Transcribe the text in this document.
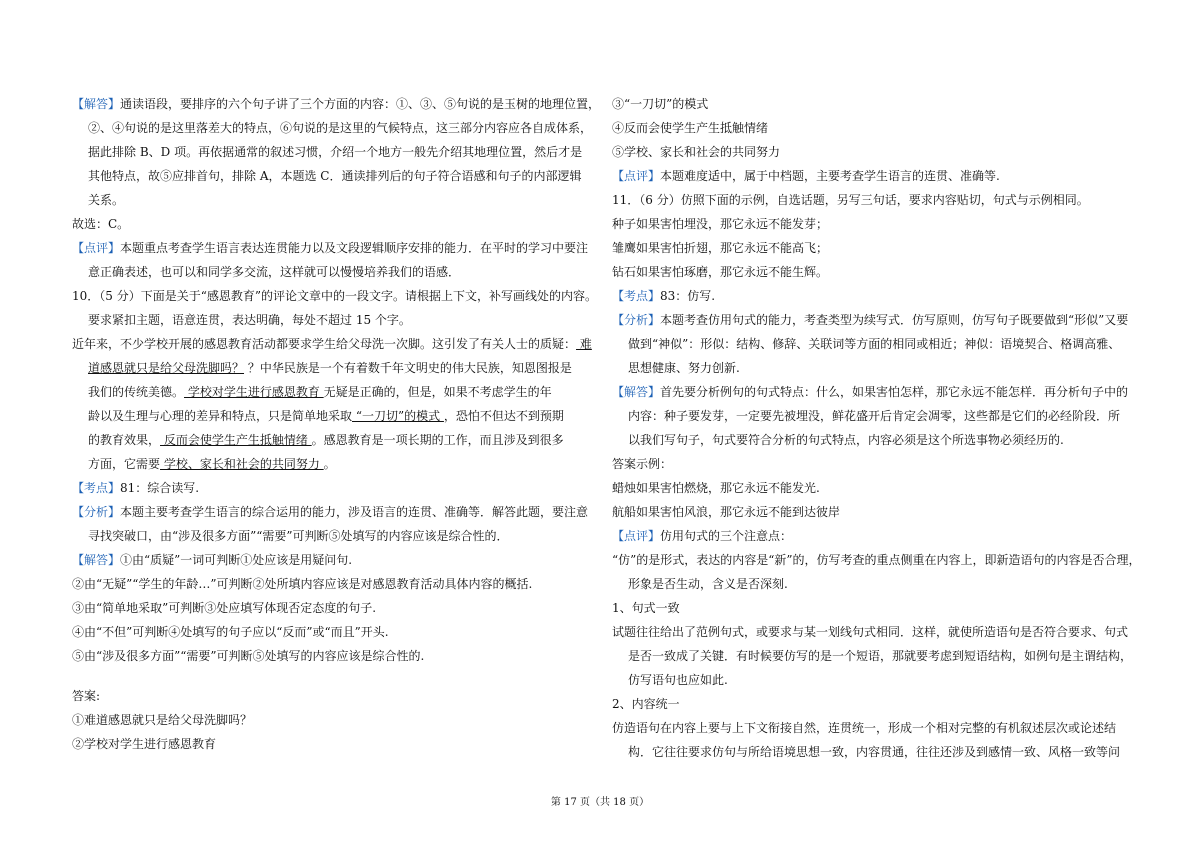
【解答】通读语段，要排序的六个句子讲了三个方面的内容：①、③、⑤句说的是玉树的地理位置，
②、④句说的是这里落差大的特点，⑥句说的是这里的气候特点，这三部分内容应各自成体系，
据此排除 B、D 项。再依据通常的叙述习惯，介绍一个地方一般先介绍其地理位置，然后才是
其他特点，故⑤应排首句，排除 A，本题选 C．通读排列后的句子符合语感和句子的内部逻辑
关系。
故选：C。
【点评】本题重点考查学生语言表达连贯能力以及文段逻辑顺序安排的能力．在平时的学习中要注
意正确表述，也可以和同学多交流，这样就可以慢慢培养我们的语感．
10．（5 分）下面是关于“感恩教育”的评论文章中的一段文字。请根据上下文，补写画线处的内容。
要求紧扣主题，语意连贯，表达明确，每处不超过 15 个字。
近年来，不少学校开展的感恩教育活动都要求学生给父母洗一次脚。这引发了有关人士的质疑： 难
道感恩就只是给父母洗脚吗？ ？中华民族是一个有着数千年文明史的伟大民族，知恩图报是
我们的传统美德。 学校对学生进行感恩教育 无疑是正确的，但是，如果不考虑学生的年
龄以及生理与心理的差异和特点，只是简单地采取 “一刀切”的模式 ，恐怕不但达不到预期
的教育效果， 反而会使学生产生抵触情绪 。感恩教育是一项长期的工作，而且涉及到很多
方面，它需要 学校、家长和社会的共同努力 。
【考点】81：综合读写.
【分析】本题主要考查学生语言的综合运用的能力，涉及语言的连贯、准确等．解答此题，要注意
寻找突破口，由“涉及很多方面”“需要”可判断⑤处填写的内容应该是综合性的．
【解答】①由“质疑”一词可判断①处应该是用疑问句.
②由“无疑”“学生的年龄…”可判断②处所填内容应该是对感恩教育活动具体内容的概括.
③由“简单地采取”可判断③处应填写体现否定态度的句子.
④由“不但”可判断④处填写的句子应以“反而”或“而且”开头.
⑤由“涉及很多方面”“需要”可判断⑤处填写的内容应该是综合性的.
答案:
①难道感恩就只是给父母洗脚吗？
②学校对学生进行感恩教育
③“一刀切”的模式
④反而会使学生产生抵触情绪
⑤学校、家长和社会的共同努力
【点评】本题难度适中，属于中档题，主要考查学生语言的连贯、准确等.
11．（6 分）仿照下面的示例，自选话题，另写三句话，要求内容贴切，句式与示例相同。
种子如果害怕埋没，那它永远不能发芽；
雏鹰如果害怕折翅，那它永远不能高飞；
钻石如果害怕琢磨，那它永远不能生辉。
【考点】83：仿写.
【分析】本题考查仿用句式的能力，考查类型为续写式．仿写原则，仿写句子既要做到“形似”又要
做到“神似”：形似：结构、修辞、关联词等方面的相同或相近；神似：语境契合、格调高雅、
思想健康、努力创新.
【解答】首先要分析例句的句式特点：什么，如果害怕怎样，那它永远不能怎样．再分析句子中的
内容：种子要发芽，一定要先被埋没，鲜花盛开后肯定会凋零，这些都是它们的必经阶段．所
以我们写句子，句式要符合分析的句式特点，内容必须是这个所选事物必须经历的.
答案示例：
蜡烛如果害怕燃烧，那它永远不能发光.
航船如果害怕风浪，那它永远不能到达彼岸
【点评】仿用句式的三个注意点：
“仿”的是形式，表达的内容是“新”的，仿写考查的重点侧重在内容上，即新造语句的内容是否合理，
形象是否生动，含义是否深刻.
1、句式一致
试题往往给出了范例句式，或要求与某一划线句式相同．这样，就使所造语句是否符合要求、句式
是否一致成了关键．有时候要仿写的是一个短语，那就要考虑到短语结构，如例句是主谓结构，
仿写语句也应如此.
2、内容统一
仿造语句在内容上要与上下文衔接自然，连贯统一，形成一个相对完整的有机叙述层次或论述结
构．它往往要求仿句与所给语境思想一致，内容贯通，往往还涉及到感情一致、风格一致等问
第 17 页（共 18 页）
